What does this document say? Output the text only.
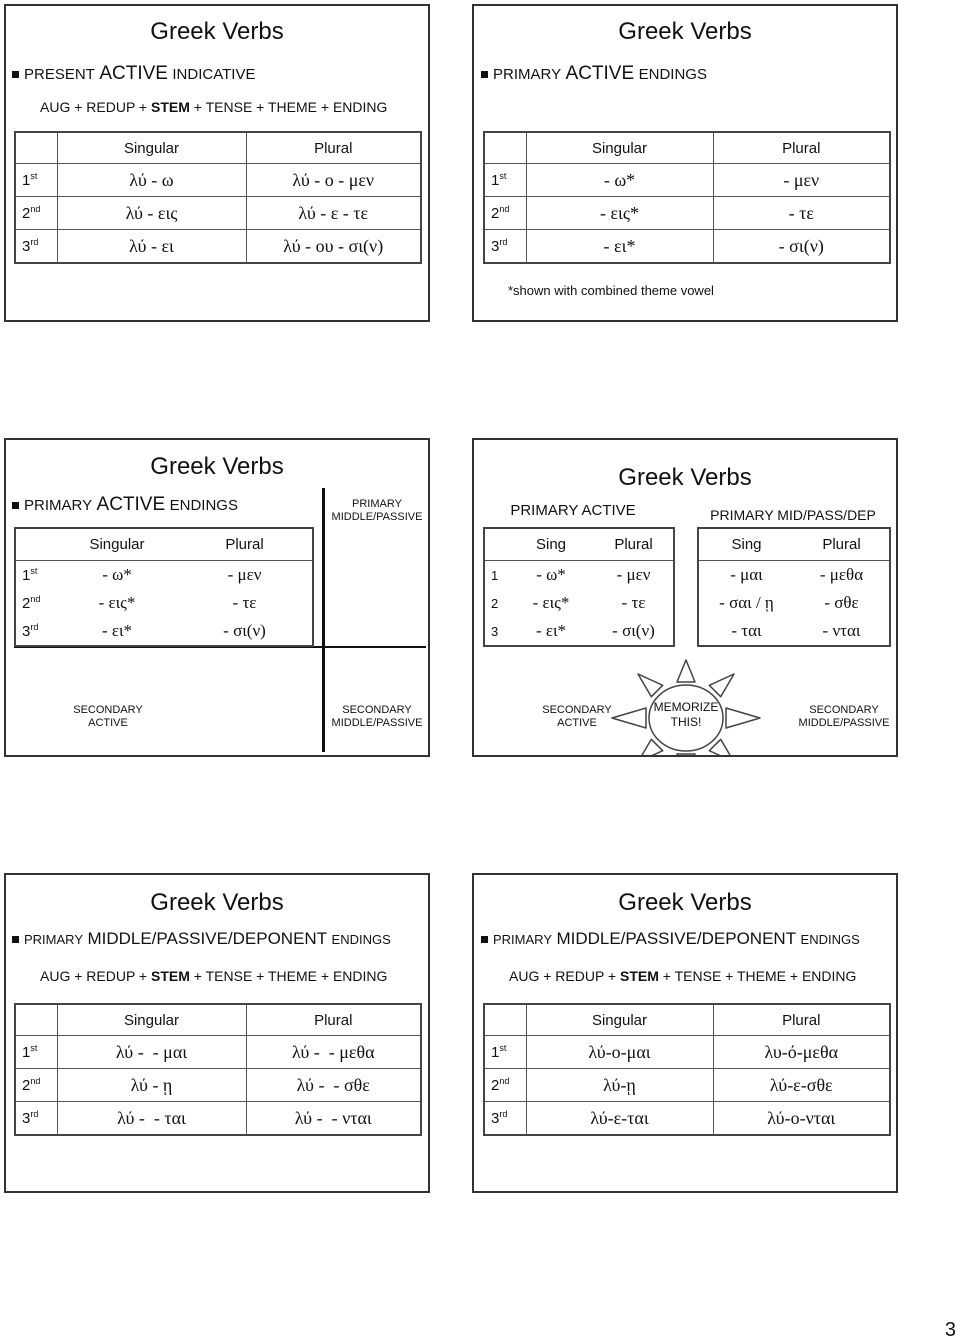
Greek Verbs
PRESENT ACTIVE INDICATIVE
AUG + REDUP + STEM + TENSE + THEME + ENDING
	Singular	Plural
1st	λύ - ω	λύ - ο - μεν
2nd	λύ - εις	λύ - ε - τε
3rd	λύ - ει	λύ - ου - σι(ν)
Greek Verbs
PRIMARY ACTIVE ENDINGS
	Singular	Plural
1st	- ω*	- μεν
2nd	- εις*	- τε
3rd	- ει*	- σι(ν)
*shown with combined theme vowel
Greek Verbs
PRIMARY ACTIVE ENDINGS	PRIMARY
MIDDLE/PASSIVE
	Singular	Plural
1st	- ω*	- μεν
2nd	- εις*	- τε
3rd	- ει*	- σι(ν)
SECONDARY
ACTIVE
SECONDARY
MIDDLE/PASSIVE
Greek Verbs
PRIMARY ACTIVE	PRIMARY MID/PASS/DEP
	Sing	Plural
1	- ω*	- μεν
2	- εις*	- τε
3	- ει*	- σι(ν)
Sing	Plural
- μαι	- μεθα
- σαι / ῃ	- σθε
- ται	- νται
SECONDARY
ACTIVE
MEMORIZE
THIS!
SECONDARY
MIDDLE/PASSIVE
Greek Verbs
PRIMARY MIDDLE/PASSIVE/DEPONENT ENDINGS
AUG + REDUP + STEM + TENSE + THEME + ENDING
	Singular	Plural
1st	λύ -  - μαι	λύ -  - μεθα
2nd	λύ - ῃ	λύ -  - σθε
3rd	λύ -  - ται	λύ -  - νται
Greek Verbs
PRIMARY MIDDLE/PASSIVE/DEPONENT ENDINGS
AUG + REDUP + STEM + TENSE + THEME + ENDING
	Singular	Plural
1st	λύ-ο-μαι	λυ-ό-μεθα
2nd	λύ-ῃ	λύ-ε-σθε
3rd	λύ-ε-ται	λύ-ο-νται
3
